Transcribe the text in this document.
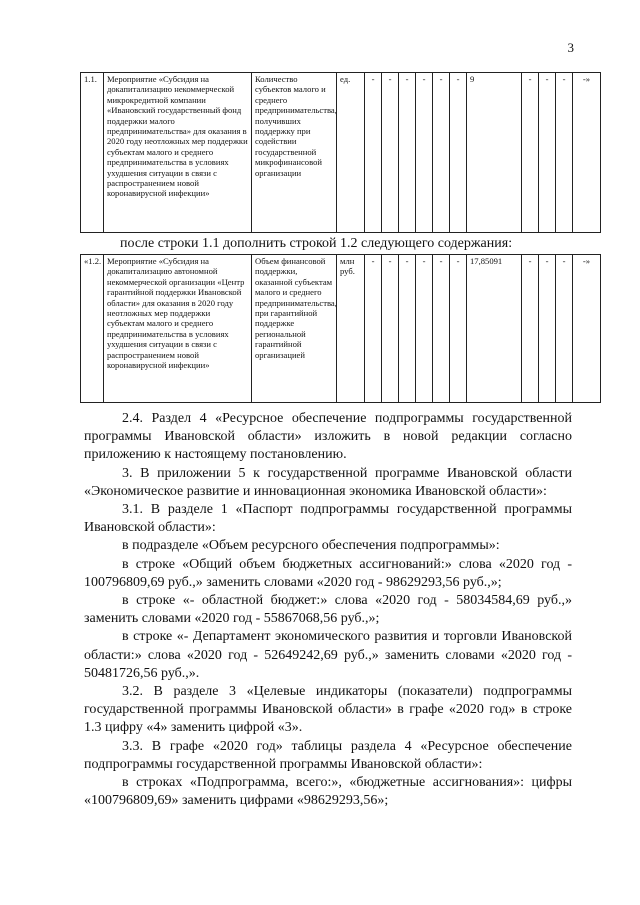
3
1.1.	Мероприятие «Субсидия на докапитализацию некоммерческой микрокредитной компании «Ивановский государственный фонд поддержки малого предпринимательства» для оказания в 2020 году неотложных мер поддержки субъектам малого и среднего предпринимательства в условиях ухудшения ситуации в связи с распространением новой коронавирусной инфекции»	Количество субъектов малого и среднего предпринимательства, получивших поддержку при содействии государственной микрофинансовой организации	ед.	-	-	-	-	-	-	9	-	-	-	-»
после строки 1.1 дополнить строкой 1.2 следующего содержания:
«1.2.	Мероприятие «Субсидия на докапитализацию автономной некоммерческой организации «Центр гарантийной поддержки Ивановской области» для оказания в 2020 году неотложных мер поддержки субъектам малого и среднего предпринимательства в условиях ухудшения ситуации в связи с распространением новой коронавирусной инфекции»	Объем финансовой поддержки, оказанной субъектам малого и среднего предпринимательства, при гарантийной поддержке региональной гарантийной организацией	млн руб.	-	-	-	-	-	-	17,85091	-	-	-	-»

2.4. Раздел 4 «Ресурсное обеспечение подпрограммы государственной программы Ивановской области» изложить в новой редакции согласно приложению к настоящему постановлению.

3. В приложении 5 к государственной программе Ивановской области «Экономическое развитие и инновационная экономика Ивановской области»:

3.1. В разделе 1 «Паспорт подпрограммы государственной программы Ивановской области»:

в подразделе «Объем ресурсного обеспечения подпрограммы»:

в строке «Общий объем бюджетных ассигнований:» слова «2020 год - 100796809,69 руб.,» заменить словами «2020 год - 98629293,56 руб.,»;

в строке «- областной бюджет:» слова «2020 год - 58034584,69 руб.,» заменить словами «2020 год - 55867068,56 руб.,»;

в строке «- Департамент экономического развития и торговли Ивановской области:» слова «2020 год - 52649242,69 руб.,» заменить словами «2020 год - 50481726,56 руб.,».

3.2. В разделе 3 «Целевые индикаторы (показатели) подпрограммы государственной программы Ивановской области» в графе «2020 год» в строке 1.3 цифру «4» заменить цифрой «3».

3.3. В графе «2020 год» таблицы раздела 4 «Ресурсное обеспечение подпрограммы государственной программы Ивановской области»:

в строках «Подпрограмма, всего:», «бюджетные ассигнования»: цифры «100796809,69» заменить цифрами «98629293,56»;
